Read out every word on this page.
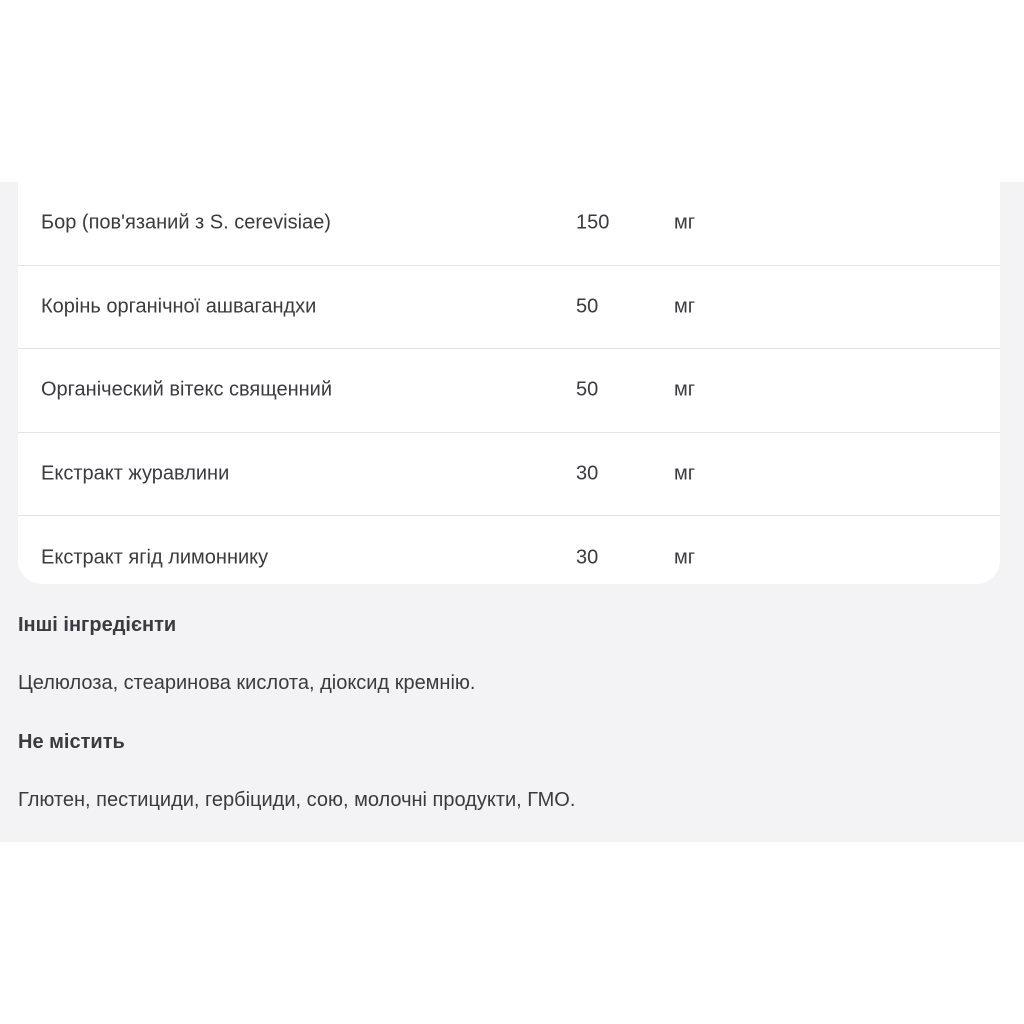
Бор (пов'язаний з S. cerevisiae)	150	мг
Корінь органічної ашвагандхи	50	мг
Органіческий вітекс священний	50	мг
Екстракт журавлини	30	мг
Екстракт ягід лимоннику	30	мг
Інші інгредієнти
Целюлоза, стеаринова кислота, діоксид кремнію.
Не містить
Глютен, пестициди, гербіциди, сою, молочні продукти, ГМО.
